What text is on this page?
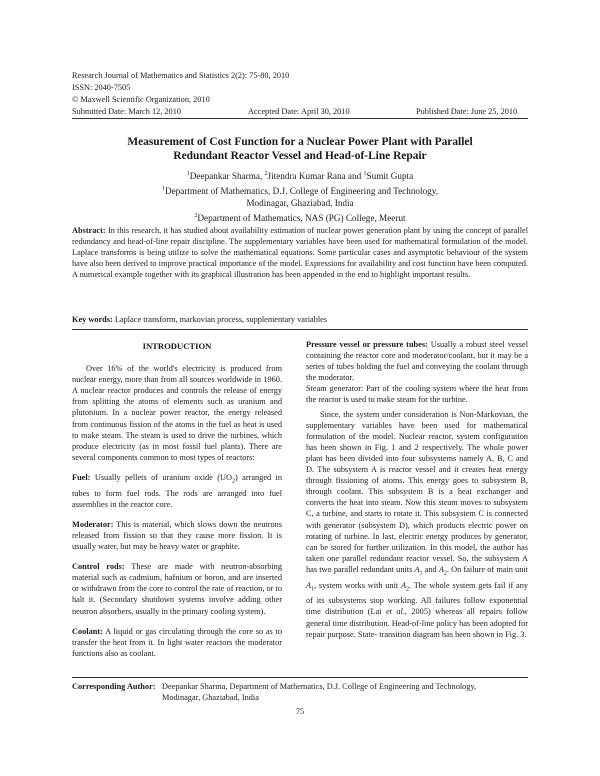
Research Journal of Mathematics and Statistics 2(2): 75-80, 2010
ISSN: 2040-7505
© Maxwell Scientific Organization, 2010
Submitted Date: March 12, 2010	Accepted Date: April 30, 2010	Published Date: June 25, 2010
Measurement of Cost Function for a Nuclear Power Plant with Parallel
Redundant Reactor Vessel and Head-of-Line Repair
$^1$Deepankar Sharma, $^2$Jitendra Kumar Rana and $^1$Sumit Gupta
$^1$Department of Mathematics, D.J. College of Engineering and Technology,
Modinagar, Ghaziabad, India
$^2$Department of Mathematics, NAS (PG) College, Meerut
Abstract: In this research, it has studied about availability estimation of nuclear power generation plant by using the concept of parallel redundancy and head-of-line repair discipline. The supplementary variables have been used for mathematical formulation of the model. Laplace transforms is being utilize to solve the mathematical equations. Some particular cases and asymptotic behaviour of the system have also been derived to improve practical importance of the model. Expressions for availability and cost function have been computed. A numerical example together with its graphical illustration has been appended in the end to highlight important results.
Key words: Laplace transform, markovian process, supplementary variables

INTRODUCTION

Over 16% of the world's electricity is produced from nuclear energy, more than from all sources worldwide in 1960. A nuclear reactor produces and controls the release of energy from splitting the atoms of elements such as uranium and plutonium. In a nuclear power reactor, the energy released from continuous fission of the atoms in the fuel as heat is used to make steam. The steam is used to drive the turbines, which produce electricity (as in most fossil fuel plants). There are several components common to most types of reactors:

Fuel: Usually pellets of uranium oxide $(UO_2)$ arranged in tubes to form fuel rods. The rods are arranged into fuel assemblies in the reactor core.

Moderator: This is material, which slows down the neutrons released from fission so that they cause more fission. It is usually water, but may be heavy water or graphite.

Control rods: These are made with neutron-absorbing material such as cadmium, hafnium or boron, and are inserted or withdrawn from the core to control the rate of reaction, or to halt it. (Secondary shutdown systems involve adding other neutron absorbers, usually in the primary cooling system).

Coolant: A liquid or gas circulating through the core so as to transfer the heat from it. In light water reactors the moderator functions also as coolant.

Pressure vessel or pressure tubes: Usually a robust steel vessel containing the reactor core and moderator/coolant, but it may be a series of tubes holding the fuel and conveying the coolant through the moderator.

Steam generator: Part of the cooling system where the heat from the reactor is used to make steam for the turbine.

Since, the system under consideration is Non-Markovian, the supplementary variables have been used for mathematical formulation of the model. Nuclear reactor, system configuration has been shown in Fig. 1 and 2 respectively. The whole power plant has been divided into four subsystems namely A, B, C and D. The subsystem A is reactor vessel and it creates heat energy through fissioning of atoms. This energy goes to subsystem B, through coolant. This subsystem B is a heat exchanger and converts the heat into steam. Now this steam moves to subsystem C, a turbine, and starts to rotate it. This subsystem C is connected with generator (subsystem D), which products electric power on rotating of turbine. In last, electric energy produces by generator, can be stored for further utilization. In this model, the author has taken one parallel redundant reactor vessel. So, the subsystem A has two parallel redundant units $A_1$ and $A_2$. On failure of main unit $A_1$, system works with unit $A_2$. The whole system gets fail if any of its subsystems stop working. All failures follow exponential time distribution (Lai et al., 2005) whereas all repairs follow general time distribution. Head-of-line policy has been adopted for repair purpose. State- transition diagram has been shown in Fig. 3.

Corresponding Author: Deepankar Sharma, Department of Mathematics, D.J. College of Engineering and Technology,
Modinagar, Ghaziabad, India
75
